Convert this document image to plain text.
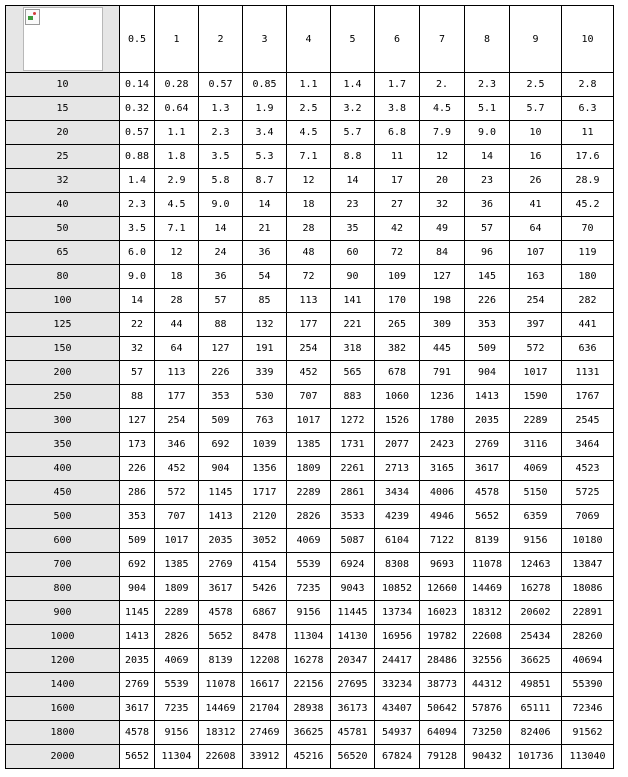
	0.5	1	2	3	4	5	6	7	8	9	10
10	0.14	0.28	0.57	0.85	1.1	1.4	1.7	2.	2.3	2.5	2.8
15	0.32	0.64	1.3	1.9	2.5	3.2	3.8	4.5	5.1	5.7	6.3
20	0.57	1.1	2.3	3.4	4.5	5.7	6.8	7.9	9.0	10	11
25	0.88	1.8	3.5	5.3	7.1	8.8	11	12	14	16	17.6
32	1.4	2.9	5.8	8.7	12	14	17	20	23	26	28.9
40	2.3	4.5	9.0	14	18	23	27	32	36	41	45.2
50	3.5	7.1	14	21	28	35	42	49	57	64	70
65	6.0	12	24	36	48	60	72	84	96	107	119
80	9.0	18	36	54	72	90	109	127	145	163	180
100	14	28	57	85	113	141	170	198	226	254	282
125	22	44	88	132	177	221	265	309	353	397	441
150	32	64	127	191	254	318	382	445	509	572	636
200	57	113	226	339	452	565	678	791	904	1017	1131
250	88	177	353	530	707	883	1060	1236	1413	1590	1767
300	127	254	509	763	1017	1272	1526	1780	2035	2289	2545
350	173	346	692	1039	1385	1731	2077	2423	2769	3116	3464
400	226	452	904	1356	1809	2261	2713	3165	3617	4069	4523
450	286	572	1145	1717	2289	2861	3434	4006	4578	5150	5725
500	353	707	1413	2120	2826	3533	4239	4946	5652	6359	7069
600	509	1017	2035	3052	4069	5087	6104	7122	8139	9156	10180
700	692	1385	2769	4154	5539	6924	8308	9693	11078	12463	13847
800	904	1809	3617	5426	7235	9043	10852	12660	14469	16278	18086
900	1145	2289	4578	6867	9156	11445	13734	16023	18312	20602	22891
1000	1413	2826	5652	8478	11304	14130	16956	19782	22608	25434	28260
1200	2035	4069	8139	12208	16278	20347	24417	28486	32556	36625	40694
1400	2769	5539	11078	16617	22156	27695	33234	38773	44312	49851	55390
1600	3617	7235	14469	21704	28938	36173	43407	50642	57876	65111	72346
1800	4578	9156	18312	27469	36625	45781	54937	64094	73250	82406	91562
2000	5652	11304	22608	33912	45216	56520	67824	79128	90432	101736	113040
